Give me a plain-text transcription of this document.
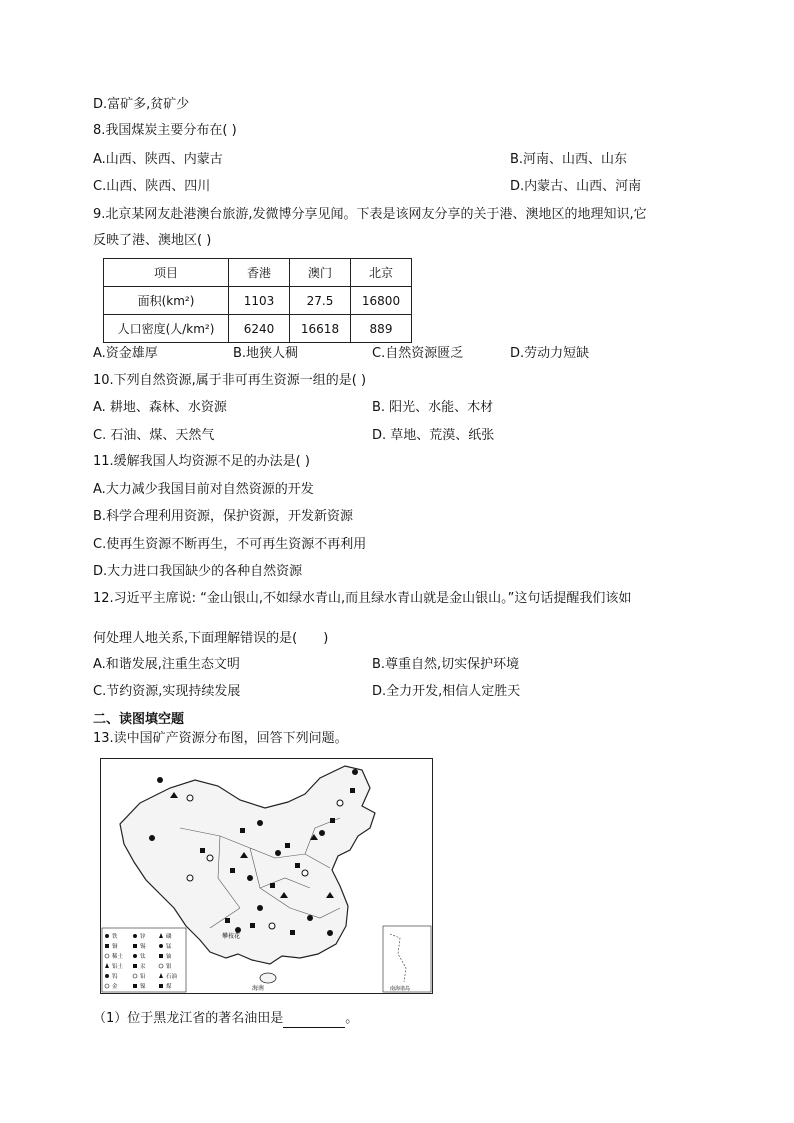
D.富矿多,贫矿少
8.我国煤炭主要分布在( )
A.山西、陕西、内蒙古	B.河南、山西、山东
C.山西、陕西、四川	D.内蒙古、山西、河南
9.北京某网友赴港澳台旅游,发微博分享见闻。下表是该网友分享的关于港、澳地区的地理知识,它
反映了港、澳地区( )
项目	香港	澳门	北京
面积(km²)	1103	27.5	16800
人口密度(人/km²)	6240	16618	889
A.资金雄厚	B.地狭人稠	C.自然资源匮乏	D.劳动力短缺
10.下列自然资源,属于非可再生资源一组的是( )
A. 耕地、森林、水资源	B. 阳光、水能、木材
C. 石油、煤、天然气	D. 草地、荒漠、纸张
11.缓解我国人均资源不足的办法是( )
A.大力减少我国目前对自然资源的开发
B.科学合理利用资源，保护资源，开发新资源
C.使再生资源不断再生，不可再生资源不再利用
D.大力进口我国缺少的各种自然资源
12.习近平主席说: “金山银山,不如绿水青山,而且绿水青山就是金山银山。”这句话提醒我们该如
何处理人地关系,下面理解错误的是(　　)
A.和谐发展,注重生态文明	B.尊重自然,切实保护环境
C.节约资源,实现持续发展	D.全力开发,相信人定胜天
二、读图填空题
13.读中国矿产资源分布图，回答下列问题。
海南
攀枝花
铁
铜
稀土
铝土
钨
金
锌
锡
钛
汞
铅
镍
磷
锰
铀
银
石油
煤	南海诸岛
（1）位于黑龙江省的著名油田是	。
